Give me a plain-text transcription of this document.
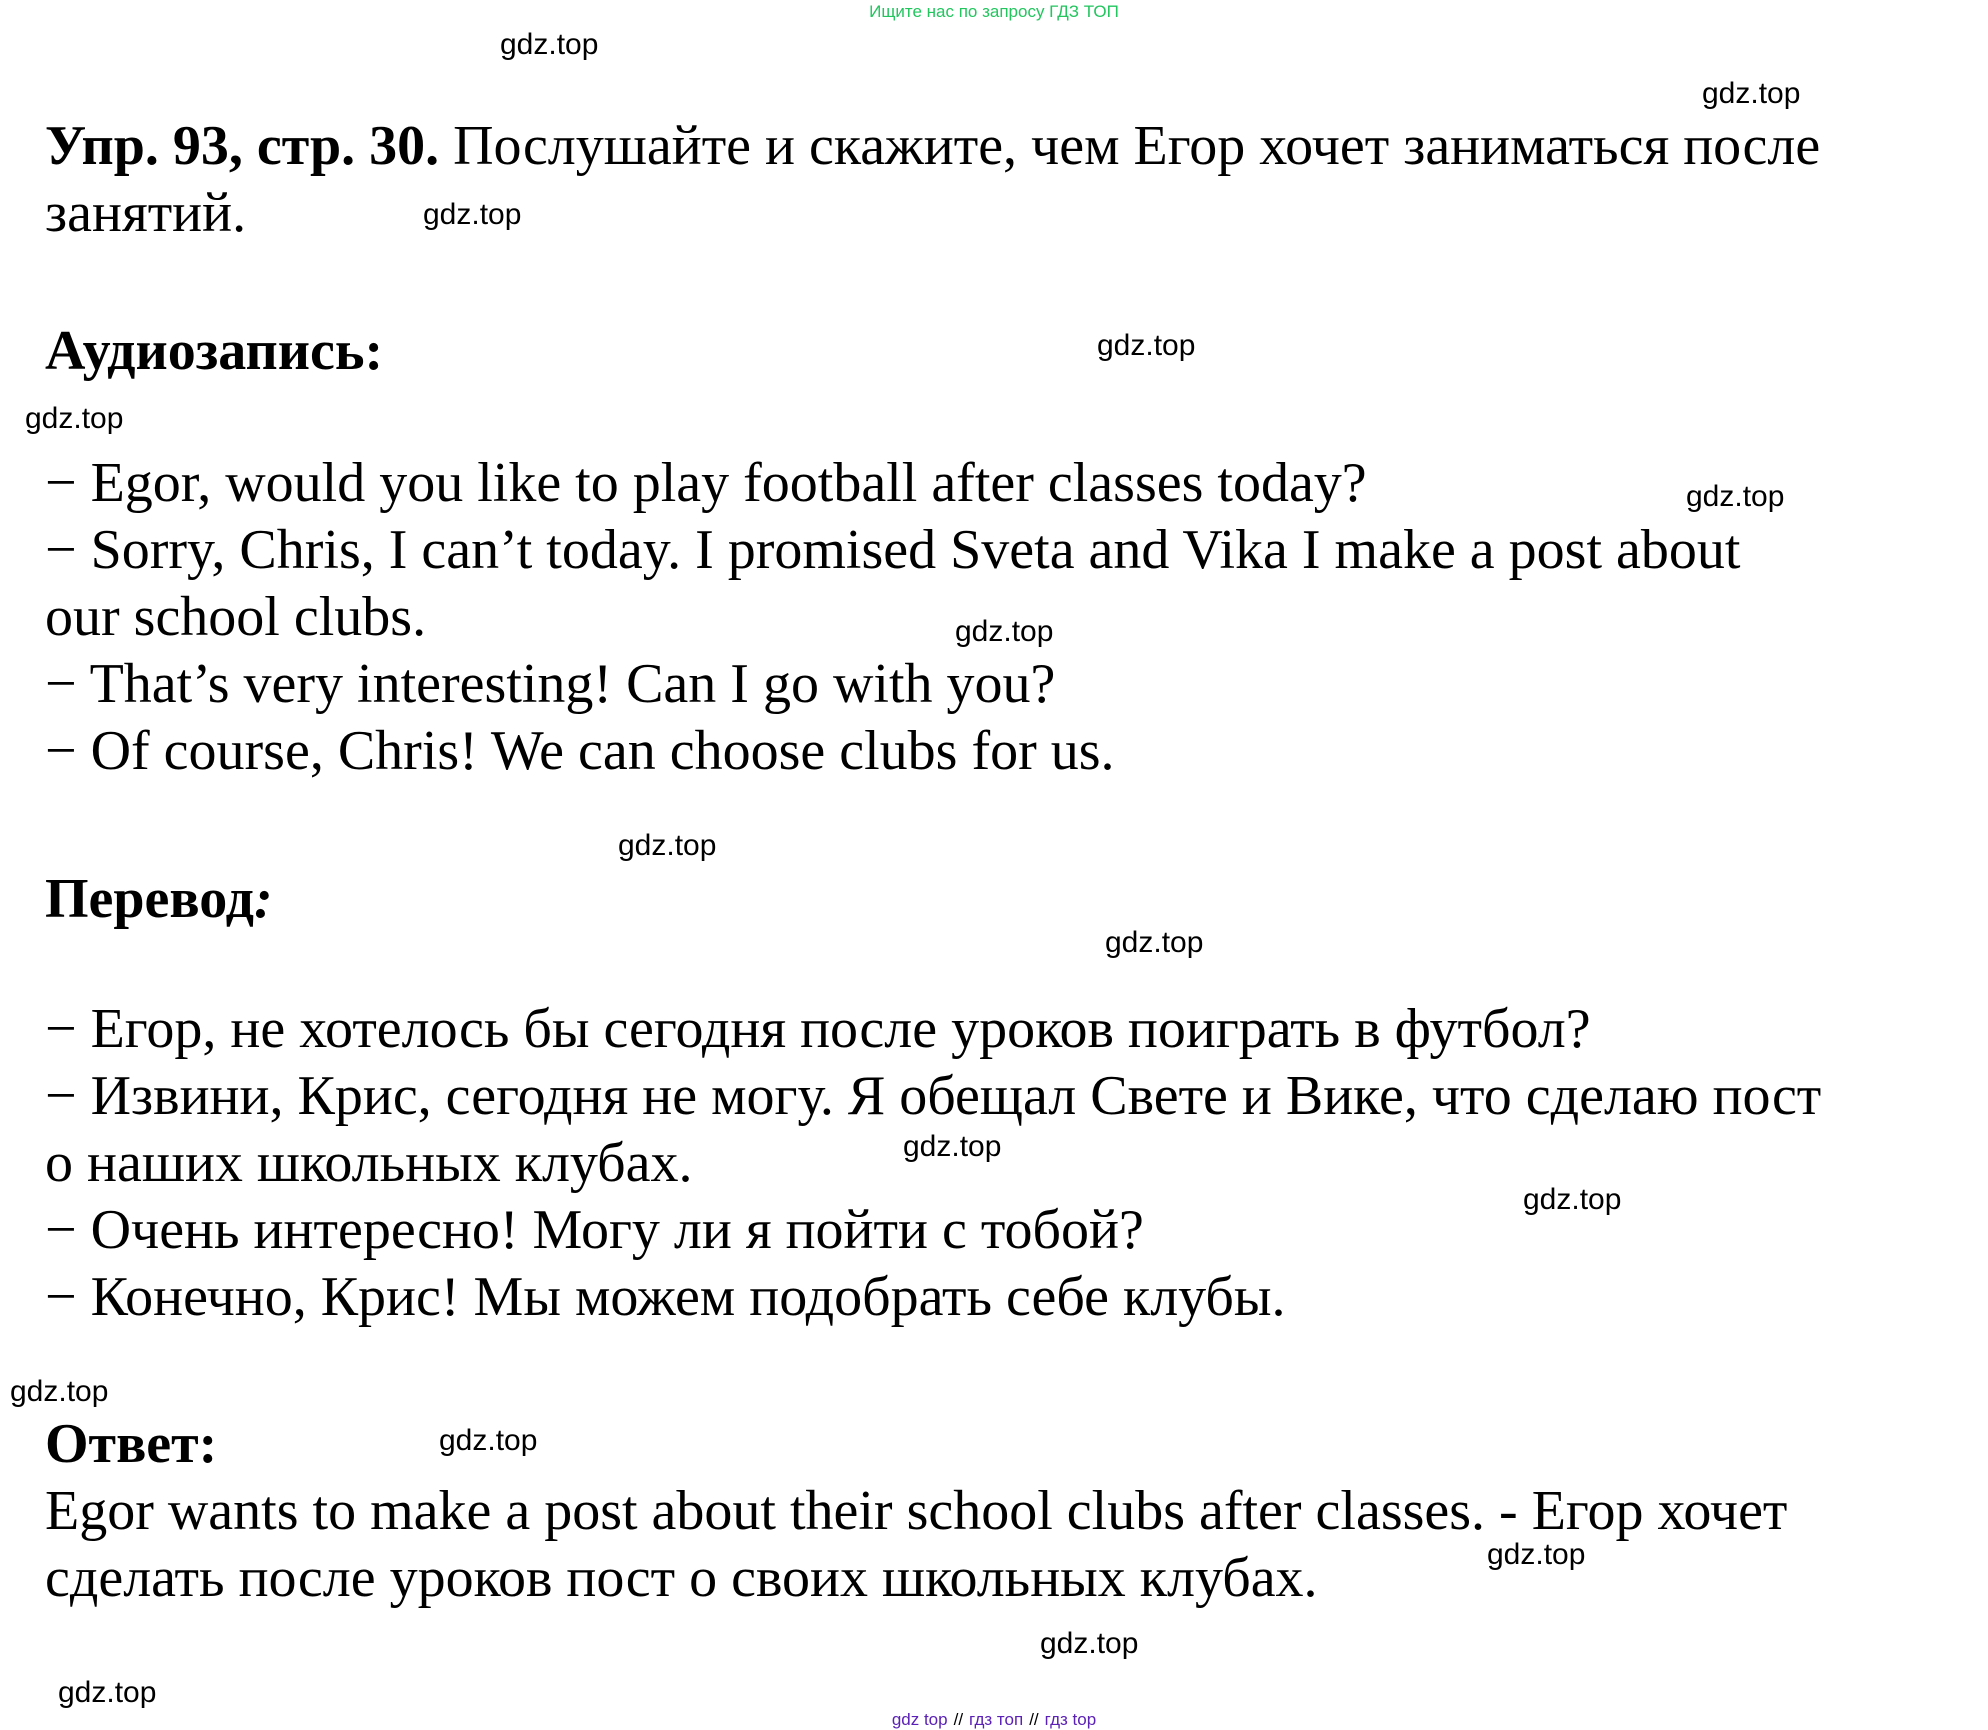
Ищите нас по запросу ГДЗ ТОП
Упр. 93, стр. 30. Послушайте и скажите, чем Егор хочет заниматься после
занятий.
Аудиозапись:
− Egor, would you like to play football after classes today?
− Sorry, Chris, I can’t today. I promised Sveta and Vika I make a post about
our school clubs.
− That’s very interesting! Can I go with you?
− Of course, Chris! We can choose clubs for us.
Перевод:
− Егор, не хотелось бы сегодня после уроков поиграть в футбол?
− Извини, Крис, сегодня не могу. Я обещал Свете и Вике, что сделаю пост
о наших школьных клубах.
− Очень интересно! Могу ли я пойти с тобой?
− Конечно, Крис! Мы можем подобрать себе клубы.
Ответ:
Egor wants to make a post about their school clubs after classes. - Егор хочет
сделать после уроков пост о своих школьных клубах.
gdz.top
gdz.top
gdz.top
gdz.top
gdz.top
gdz.top
gdz.top
gdz.top
gdz.top
gdz.top
gdz.top
gdz.top
gdz.top
gdz.top
gdz.top
gdz.top
gdz top // гдз топ // гдз top
